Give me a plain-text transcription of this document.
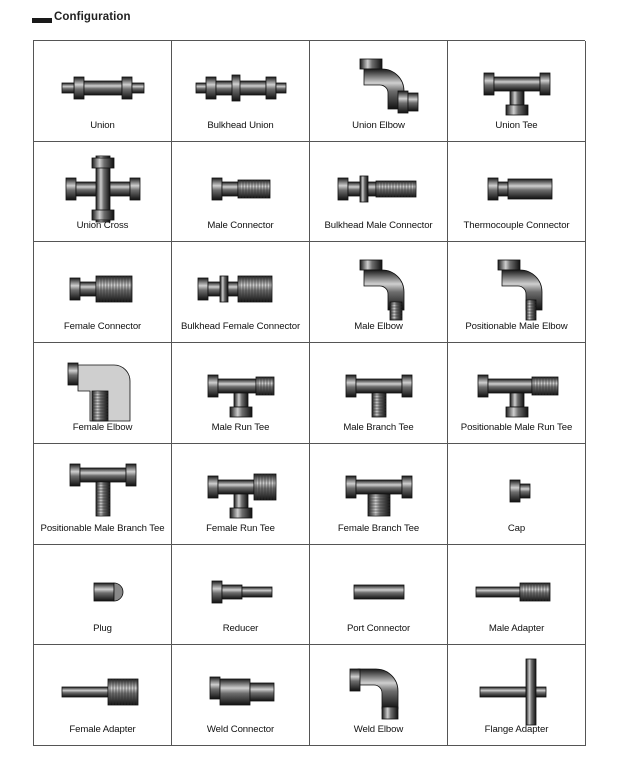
Configuration
Union	Bulkhead Union	Union Elbow	Union Tee
Union Cross	Male Connector	Bulkhead Male Connector	Thermocouple Connector
Female Connector	Bulkhead Female Connector	Male Elbow	Positionable Male Elbow
Female Elbow	Male Run Tee	Male Branch Tee	Positionable Male Run Tee
Positionable Male Branch Tee	Female Run Tee	Female Branch Tee	Cap
Plug	Reducer	Port Connector	Male Adapter
Female Adapter	Weld Connector	Weld Elbow	Flange Adapter
